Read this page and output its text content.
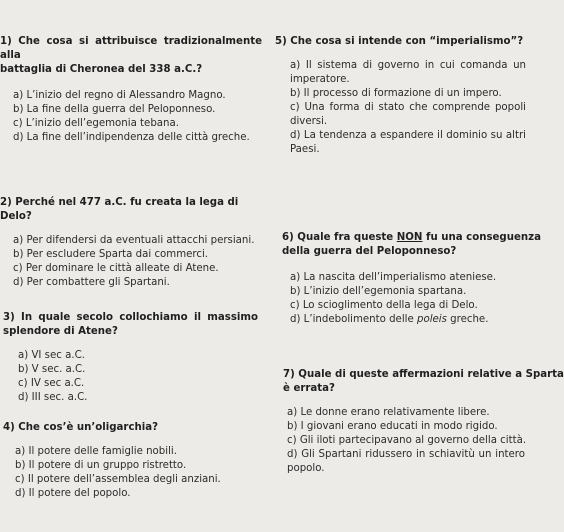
1) Che cosa si attribuisce tradizionalmente alla
battaglia di Cheronea del 338 a.C.?
a) L’inizio del regno di Alessandro Magno.
b) La fine della guerra del Peloponneso.
c) L’inizio dell’egemonia tebana.
d) La fine dell’indipendenza delle città greche.
2) Perché nel 477 a.C. fu creata la lega di Delo?
a) Per difendersi da eventuali attacchi persiani.
b) Per escludere Sparta dai commerci.
c) Per dominare le città alleate di Atene.
d) Per combattere gli Spartani.
3) In quale secolo collochiamo il massimo
splendore di Atene?
a) VI sec a.C.
b) V sec. a.C.
c) IV sec a.C.
d) III sec. a.C.
4) Che cos’è un’oligarchia?
a) Il potere delle famiglie nobili.
b) Il potere di un gruppo ristretto.
c) Il potere dell’assemblea degli anziani.
d) Il potere del popolo.
5) Che cosa si intende con “imperialismo”?
a) Il sistema di governo in cui comanda un
imperatore.
b) Il processo di formazione di un impero.
c) Una forma di stato che comprende popoli
diversi.
d) La tendenza a espandere il dominio su altri
Paesi.
6) Quale fra queste NON fu una conseguenza
della guerra del Peloponneso?
a) La nascita dell’imperialismo ateniese.
b) L’inizio dell’egemonia spartana.
c) Lo scioglimento della lega di Delo.
d) L’indebolimento delle poleis greche.
7) Quale di queste affermazioni relative a Sparta
è errata?
a) Le donne erano relativamente libere.
b) I giovani erano educati in modo rigido.
c) Gli iloti partecipavano al governo della città.
d) Gli Spartani ridussero in schiavitù un intero
popolo.
